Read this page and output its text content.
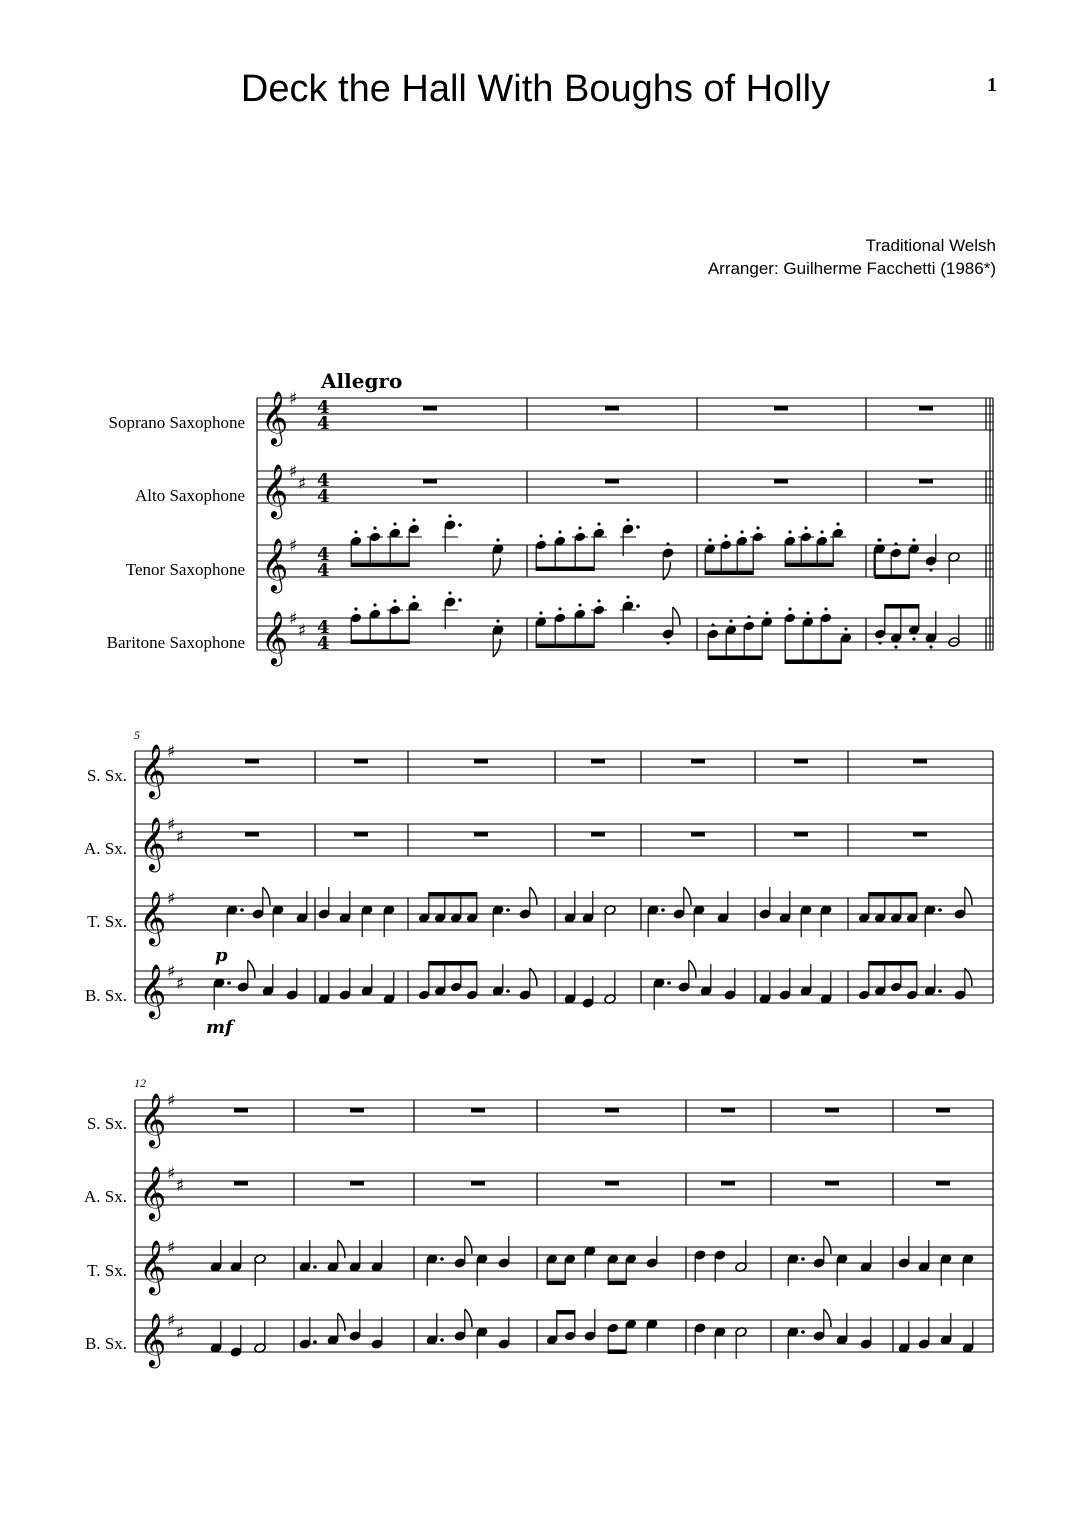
Deck the Hall With Boughs of Holly	1
Traditional Welsh
Arranger: Guilherme Facchetti (1986*)
Allegro
Soprano Saxophone
Alto Saxophone
Tenor Saxophone
Baritone Saxophone
5
S. Sx.
A. Sx.
T. Sx.
B. Sx.
p
mf
12
S. Sx.
A. Sx.
T. Sx.
B. Sx.
𝄞 ♯ 4
4
𝄞 ♯
♯ 4
4
𝄞 ♯ 4
4
𝄞 ♯
♯ 4
4
𝄞 ♯
𝄞 ♯
♯
𝄞 ♯
𝄞 ♯
♯
𝄞 ♯
𝄞 ♯
♯
𝄞 ♯
𝄞 ♯
♯
